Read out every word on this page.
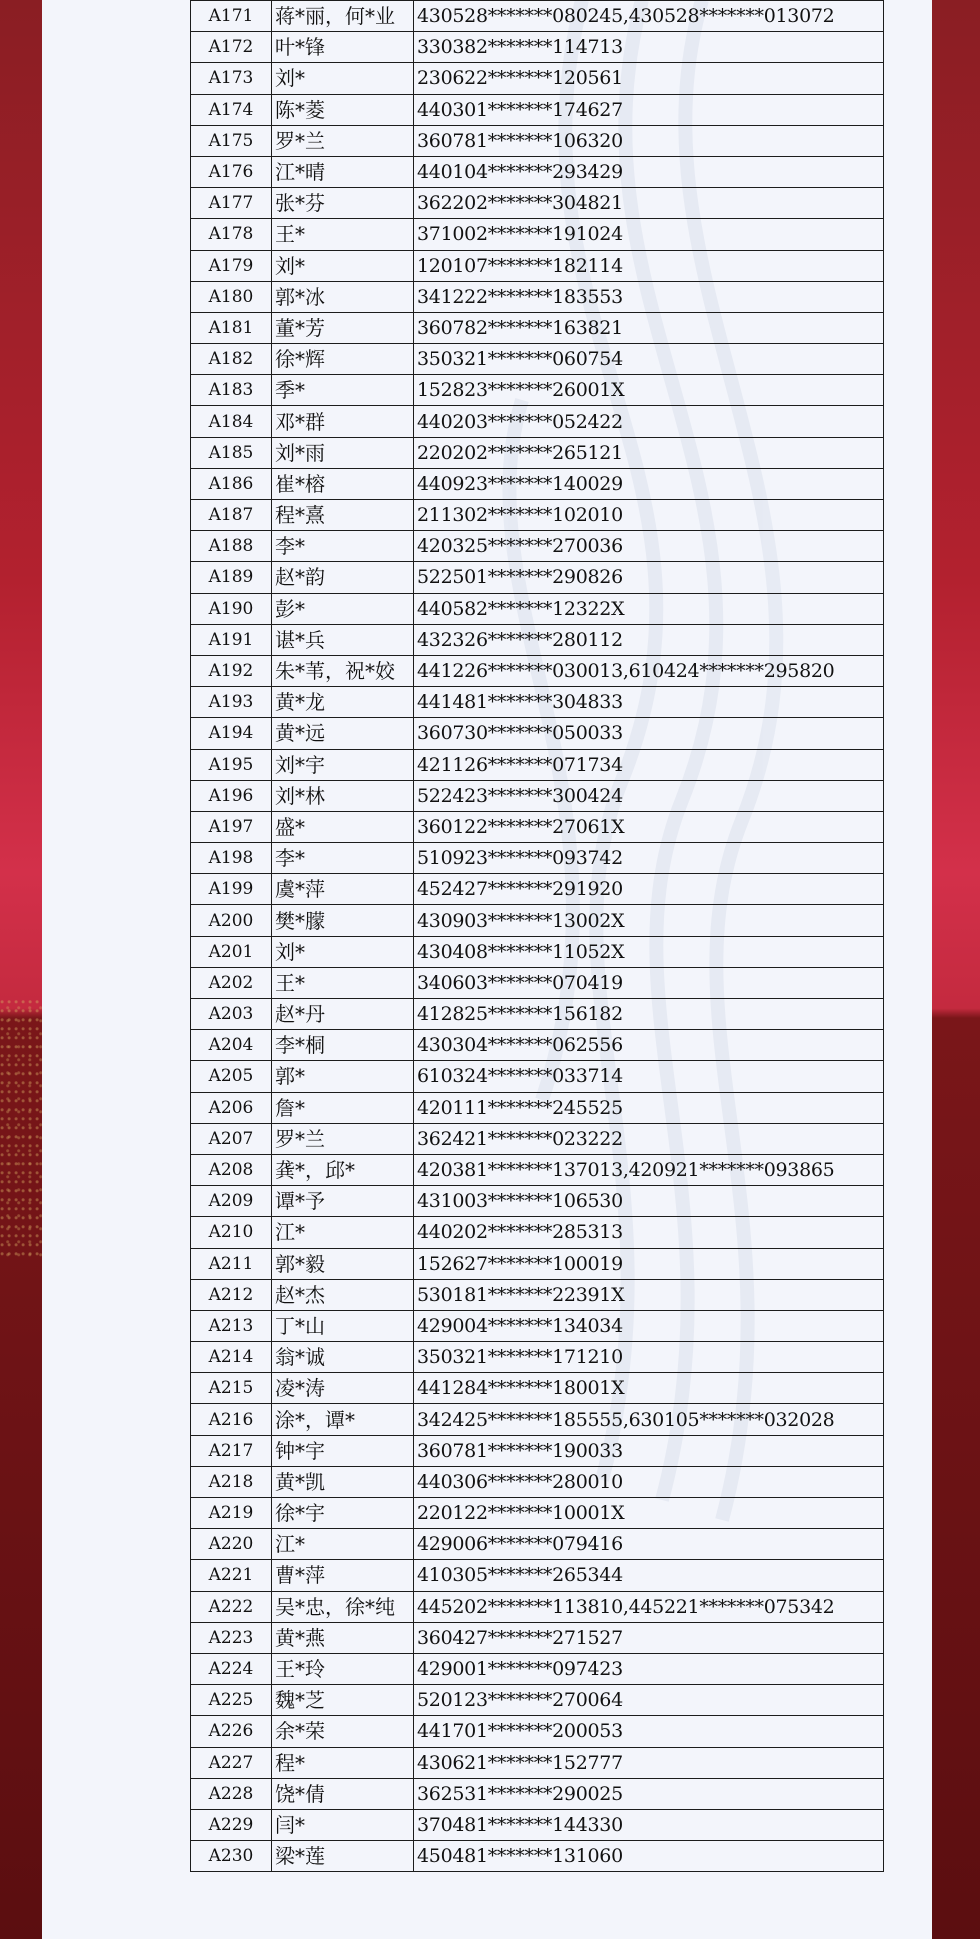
A171	蒋*丽，何*业	430528*******080245,430528*******013072
A172	叶*锋	330382*******114713
A173	刘*	230622*******120561
A174	陈*菱	440301*******174627
A175	罗*兰	360781*******106320
A176	江*晴	440104*******293429
A177	张*芬	362202*******304821
A178	王*	371002*******191024
A179	刘*	120107*******182114
A180	郭*冰	341222*******183553
A181	董*芳	360782*******163821
A182	徐*辉	350321*******060754
A183	季*	152823*******26001X
A184	邓*群	440203*******052422
A185	刘*雨	220202*******265121
A186	崔*榕	440923*******140029
A187	程*熹	211302*******102010
A188	李*	420325*******270036
A189	赵*韵	522501*******290826
A190	彭*	440582*******12322X
A191	谌*兵	432326*******280112
A192	朱*苇，祝*姣	441226*******030013,610424*******295820
A193	黄*龙	441481*******304833
A194	黄*远	360730*******050033
A195	刘*宇	421126*******071734
A196	刘*林	522423*******300424
A197	盛*	360122*******27061X
A198	李*	510923*******093742
A199	虞*萍	452427*******291920
A200	樊*朦	430903*******13002X
A201	刘*	430408*******11052X
A202	王*	340603*******070419
A203	赵*丹	412825*******156182
A204	李*桐	430304*******062556
A205	郭*	610324*******033714
A206	詹*	420111*******245525
A207	罗*兰	362421*******023222
A208	龚*，邱*	420381*******137013,420921*******093865
A209	谭*予	431003*******106530
A210	江*	440202*******285313
A211	郭*毅	152627*******100019
A212	赵*杰	530181*******22391X
A213	丁*山	429004*******134034
A214	翁*诚	350321*******171210
A215	凌*涛	441284*******18001X
A216	涂*，谭*	342425*******185555,630105*******032028
A217	钟*宇	360781*******190033
A218	黄*凯	440306*******280010
A219	徐*宇	220122*******10001X
A220	江*	429006*******079416
A221	曹*萍	410305*******265344
A222	吴*忠，徐*纯	445202*******113810,445221*******075342
A223	黄*燕	360427*******271527
A224	王*玲	429001*******097423
A225	魏*芝	520123*******270064
A226	余*荣	441701*******200053
A227	程*	430621*******152777
A228	饶*倩	362531*******290025
A229	闫*	370481*******144330
A230	梁*莲	450481*******131060
